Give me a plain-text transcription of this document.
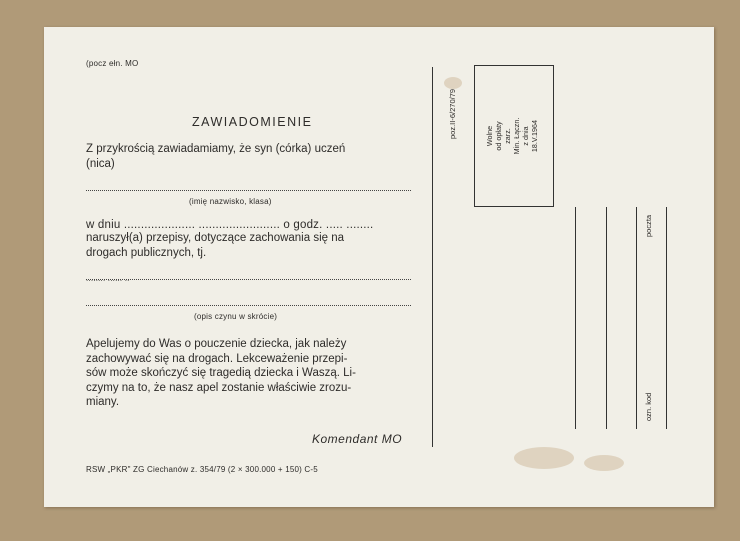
(pocz ełn. MO
ZAWIADOMIENIE
Z przykrością zawiadamiamy, że syn (córka) uczeń
(nica)
(imię nazwisko, klasa)
w dniu ..................... ........................ o godz. ..... ........
naruszył(a) przepisy, dotyczące zachowania się na
drogach publicznych, tj.
........ ...... ..
(opis czynu w skrócie)
Apelujemy do Was o pouczenie dziecka, jak należy
zachowywać się na drogach. Lekceważenie przepi-
sów może skończyć się tragedią dziecka i Waszą. Li-
czymy na to, że nasz apel zostanie właściwie zrozu-
miany.
Komendant MO
RSW „PKR" ZG Ciechanów z. 354/79 (2 × 300.000 + 150) C-5
poz.II-6/270/79	Wolne od opłaty zarz. Min. Łączn. z dnia 18.V.1964
poczta
ozn. kod
